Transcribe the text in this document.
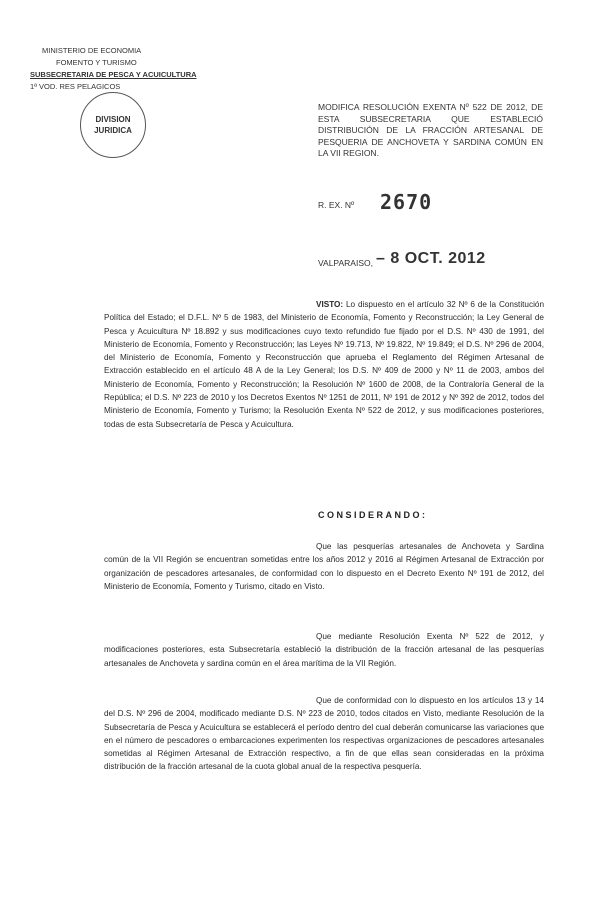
MINISTERIO DE ECONOMIA
FOMENTO Y TURISMO
SUBSECRETARIA DE PESCA Y ACUICULTURA
1ª VOD. RES PELAGICOS
DIVISION
JURIDICA
MODIFICA RESOLUCIÓN EXENTA Nº 522 DE 2012, DE ESTA SUBSECRETARIA QUE ESTABLECIÓ DISTRIBUCIÓN DE LA FRACCIÓN ARTESANAL DE PESQUERIA DE ANCHOVETA Y SARDINA COMÚN EN LA VII REGION.
R. EX. Nº 2670
VALPARAISO, – 8 OCT. 2012

VISTO: Lo dispuesto en el artículo 32 Nº 6 de la Constitución Política del Estado; el D.F.L. Nº 5 de 1983, del Ministerio de Economía, Fomento y Reconstrucción; la Ley General de Pesca y Acuicultura Nº 18.892 y sus modificaciones cuyo texto refundido fue fijado por el D.S. Nº 430 de 1991, del Ministerio de Economía, Fomento y Reconstrucción; las Leyes Nº 19.713, Nº 19.822, Nº 19.849; el D.S. Nº 296 de 2004, del Ministerio de Economía, Fomento y Reconstrucción que aprueba el Reglamento del Régimen Artesanal de Extracción establecido en el artículo 48 A de la Ley General; los D.S. Nº 409 de 2000 y Nº 11 de 2003, ambos del Ministerio de Economía, Fomento y Reconstrucción; la Resolución Nº 1600 de 2008, de la Contraloría General de la República; el D.S. Nº 223 de 2010 y los Decretos Exentos Nº 1251 de 2011, Nº 191 de 2012 y Nº 392 de 2012, todos del Ministerio de Economía, Fomento y Turismo; la Resolución Exenta Nº 522 de 2012, y sus modificaciones posteriores, todas de esta Subsecretaría de Pesca y Acuicultura.

CONSIDERANDO:

Que las pesquerías artesanales de Anchoveta y Sardina común de la VII Región se encuentran sometidas entre los años 2012 y 2016 al Régimen Artesanal de Extracción por organización de pescadores artesanales, de conformidad con lo dispuesto en el Decreto Exento Nº 191 de 2012, del Ministerio de Economía, Fomento y Turismo, citado en Visto.

Que mediante Resolución Exenta Nº 522 de 2012, y modificaciones posteriores, esta Subsecretaría estableció la distribución de la fracción artesanal de las pesquerías artesanales de Anchoveta y sardina común en el área marítima de la VII Región.

Que de conformidad con lo dispuesto en los artículos 13 y 14 del D.S. Nº 296 de 2004, modificado mediante D.S. Nº 223 de 2010, todos citados en Visto, mediante Resolución de la Subsecretaría de Pesca y Acuicultura se establecerá el período dentro del cual deberán comunicarse las variaciones que en el número de pescadores o embarcaciones experimenten los respectivas organizaciones de pescadores artesanales sometidas al Régimen Artesanal de Extracción respectivo, a fin de que ellas sean consideradas en la próxima distribución de la fracción artesanal de la cuota global anual de la respectiva pesquería.
